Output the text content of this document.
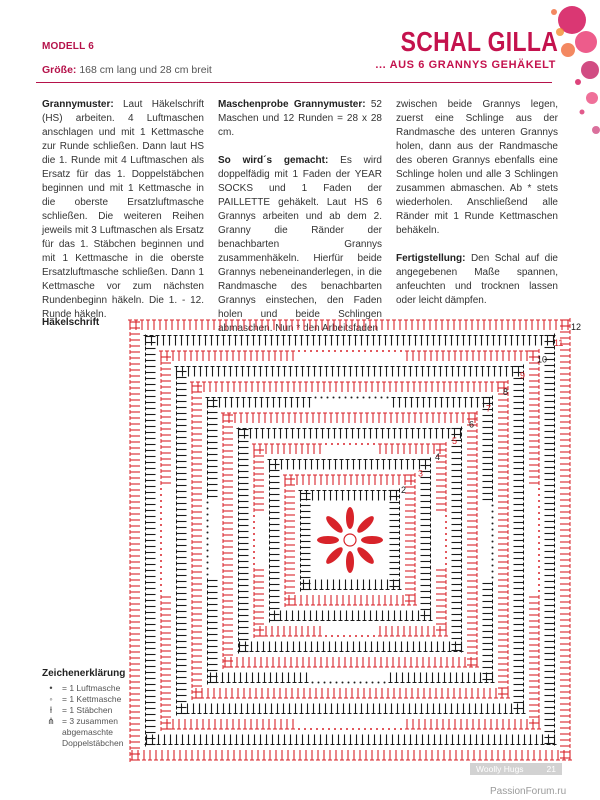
MODELL 6
Größe: 168 cm lang und 28 cm breit
SCHAL GILLA
... AUS 6 GRANNYS GEHÄKELT

Grannymuster: Laut Häkelschrift (HS) arbeiten. 4 Luftmaschen anschlagen und mit 1 Kettmasche zur Runde schließen. Dann laut HS die 1. Runde mit 4 Luftmaschen als Ersatz für das 1. Doppelstäbchen beginnen und mit 1 Kettmasche in die oberste Ersatzluftmasche schließen. Die weiteren Reihen jeweils mit 3 Luftmaschen als Ersatz für das 1. Stäbchen beginnen und mit 1 Kettmasche in die oberste Ersatzluftmasche schließen. Dann 1 Kettmasche vor zum nächsten Rundenbeginn häkeln. Die 1. - 12. Runde häkeln.

Maschenprobe Grannymuster: 52 Maschen und 12 Runden = 28 x 28 cm.

So wird´s gemacht: Es wird doppelfädig mit 1 Faden der YEAR SOCKS und 1 Faden der PAILLETTE gehäkelt. Laut HS 6 Grannys arbeiten und ab dem 2. Granny die Ränder der benachbarten Grannys zusammenhäkeln. Hierfür beide Grannys nebeneinanderlegen, in die Randmasche des benachbarten Grannys einstechen, den Faden holen und beide Schlingen abmaschen. Nun * den Arbeitsfaden

zwischen beide Grannys legen, zuerst eine Schlinge aus der Randmasche des unteren Grannys holen, dann aus der Randmasche des oberen Grannys ebenfalls eine Schlinge holen und alle 3 Schlingen zusammen abmaschen. Ab * stets wiederholen. Anschließend alle Ränder mit 1 Runde Kettmaschen behäkeln.

Fertigstellung: Den Schal auf die angegebenen Maße spannen, anfeuchten und trocknen lassen oder leicht dämpfen.

Häkelschrift
2
3
4
5
6
7
8
9
10
11
12
Zeichenerklärung
•	= 1 Luftmasche
◦	= 1 Kettmasche
ƚ	= 1 Stäbchen
⋔ = 3 zusammen abgemaschte Doppelstäbchen
Woolly Hugs	21
PassionForum.ru
